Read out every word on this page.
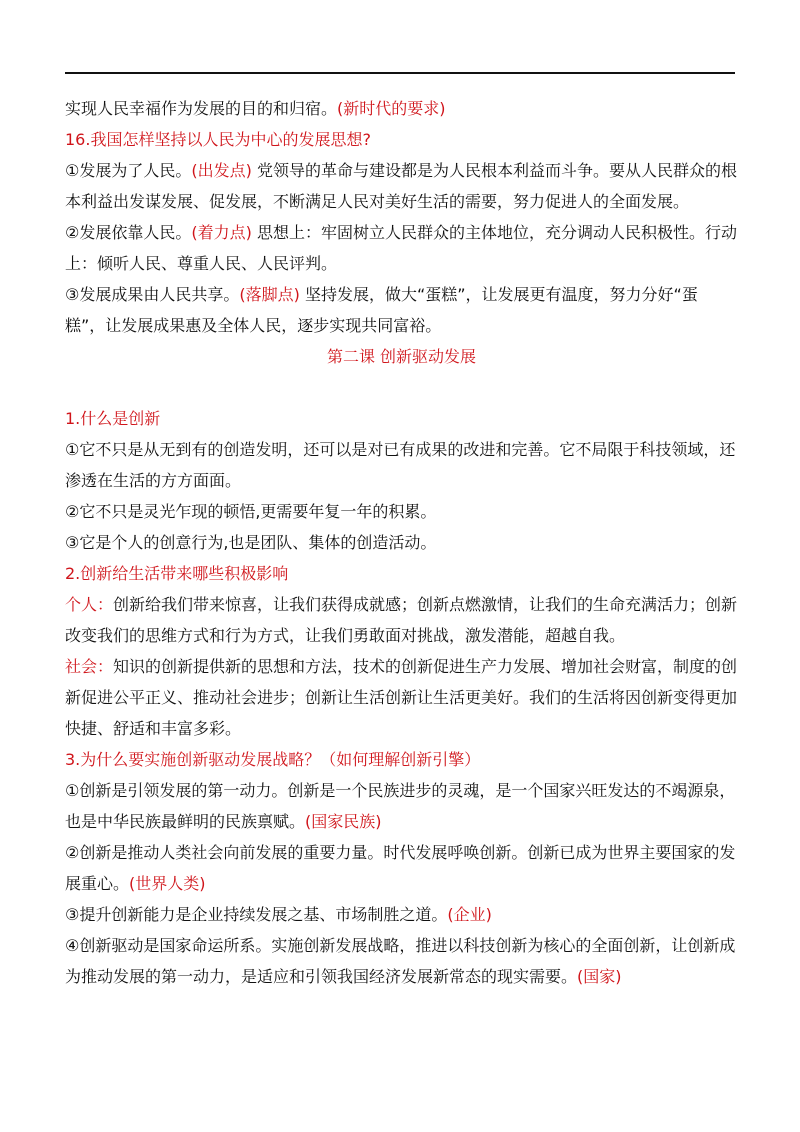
实现人民幸福作为发展的目的和归宿。(新时代的要求)

16.我国怎样坚持以人民为中心的发展思想?

①发展为了人民。(出发点) 党领导的革命与建设都是为人民根本利益而斗争。要从人民群众的根本利益出发谋发展、促发展，不断满足人民对美好生活的需要，努力促进人的全面发展。

②发展依靠人民。(着力点) 思想上：牢固树立人民群众的主体地位，充分调动人民积极性。行动上：倾听人民、尊重人民、人民评判。

③发展成果由人民共享。(落脚点) 坚持发展，做大“蛋糕”，让发展更有温度，努力分好“蛋糕”，让发展成果惠及全体人民，逐步实现共同富裕。

第二课 创新驱动发展

1.什么是创新

①它不只是从无到有的创造发明，还可以是对已有成果的改进和完善。它不局限于科技领域，还渗透在生活的方方面面。

②它不只是灵光乍现的顿悟,更需要年复一年的积累。

③它是个人的创意行为,也是团队、集体的创造活动。

2.创新给生活带来哪些积极影响

个人：创新给我们带来惊喜，让我们获得成就感；创新点燃激情，让我们的生命充满活力；创新改变我们的思维方式和行为方式，让我们勇敢面对挑战，激发潜能，超越自我。

社会：知识的创新提供新的思想和方法，技术的创新促进生产力发展、增加社会财富，制度的创新促进公平正义、推动社会进步；创新让生活创新让生活更美好。我们的生活将因创新变得更加快捷、舒适和丰富多彩。

3.为什么要实施创新驱动发展战略？（如何理解创新引擎）

①创新是引领发展的第一动力。创新是一个民族进步的灵魂，是一个国家兴旺发达的不竭源泉，也是中华民族最鲜明的民族禀赋。(国家民族)

②创新是推动人类社会向前发展的重要力量。时代发展呼唤创新。创新已成为世界主要国家的发展重心。(世界人类)

③提升创新能力是企业持续发展之基、市场制胜之道。(企业)

④创新驱动是国家命运所系。实施创新发展战略，推进以科技创新为核心的全面创新，让创新成为推动发展的第一动力，是适应和引领我国经济发展新常态的现实需要。(国家)
